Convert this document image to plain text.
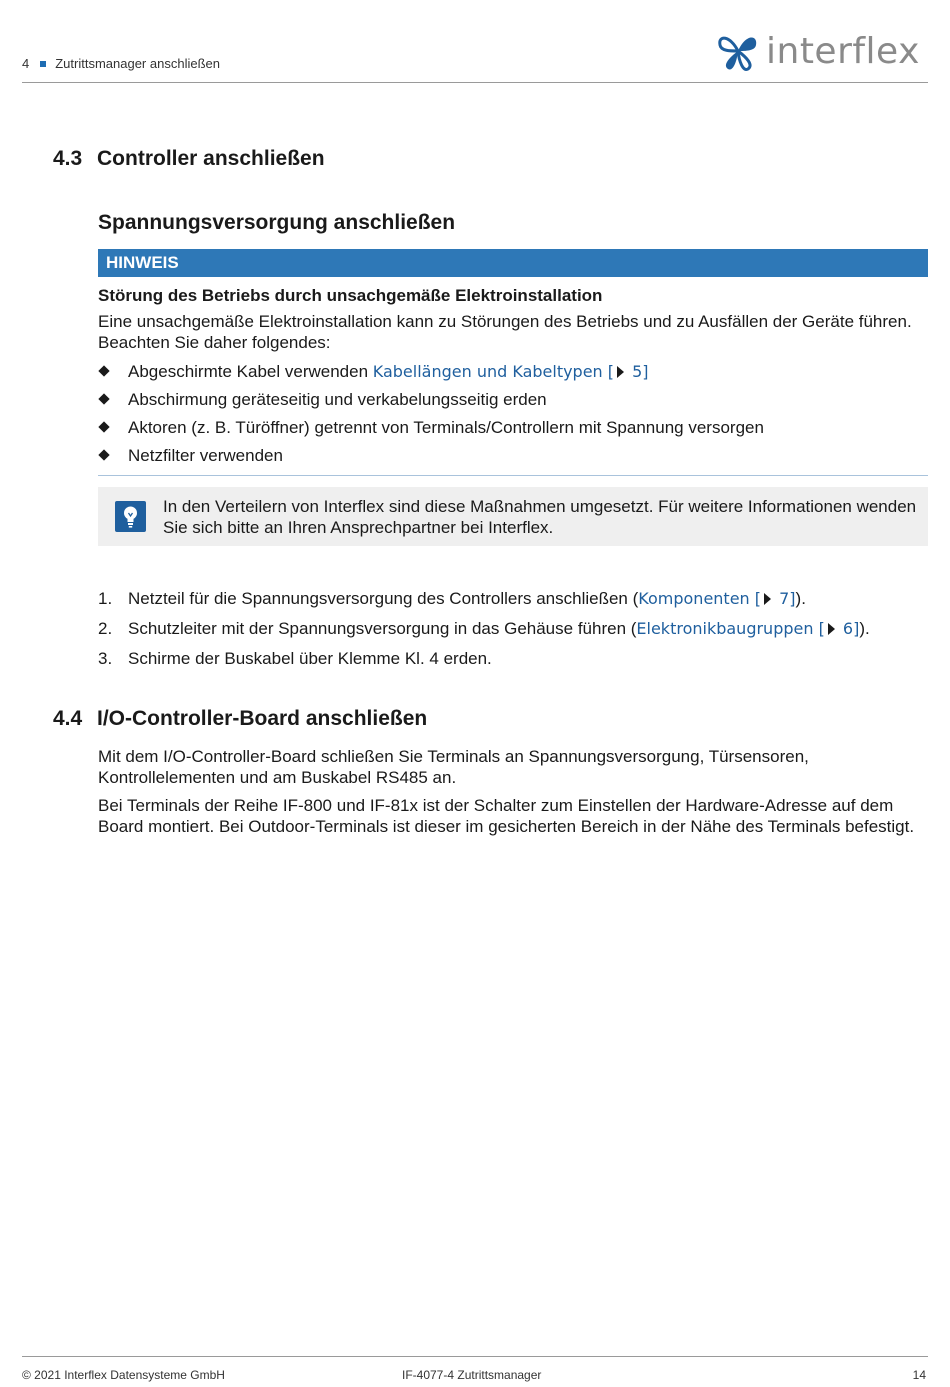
4 Zutrittsmanager anschließen	interflex
4.3 Controller anschließen
Spannungsversorgung anschließen
HINWEIS
Störung des Betriebs durch unsachgemäße Elektroinstallation
Eine unsachgemäße Elektroinstallation kann zu Störungen des Betriebs und zu Ausfällen der Geräte führen. Beachten Sie daher folgendes:
Abgeschirmte Kabel verwenden Kabellängen und Kabeltypen [ 5]
Abschirmung geräteseitig und verkabelungsseitig erden
Aktoren (z. B. Türöffner) getrennt von Terminals/Controllern mit Spannung versorgen
Netzfilter verwenden
In den Verteilern von Interflex sind diese Maßnahmen umgesetzt. Für weitere Informationen wenden Sie sich bitte an Ihren Ansprechpartner bei Interflex.
1. Netzteil für die Spannungsversorgung des Controllers anschließen (Komponenten [ 7]).
2. Schutzleiter mit der Spannungsversorgung in das Gehäuse führen (Elektronikbaugruppen [ 6]).
3. Schirme der Buskabel über Klemme Kl. 4 erden.
4.4 I/O-Controller-Board anschließen
Mit dem I/O-Controller-Board schließen Sie Terminals an Spannungsversorgung, Türsensoren, Kontrollelementen und am Buskabel RS485 an.
Bei Terminals der Reihe IF-800 und IF-81x ist der Schalter zum Einstellen der Hardware-Adresse auf dem Board montiert. Bei Outdoor-Terminals ist dieser im gesicherten Bereich in der Nähe des Terminals befestigt.
© 2021 Interflex Datensysteme GmbH	IF-4077-4 Zutrittsmanager	14
